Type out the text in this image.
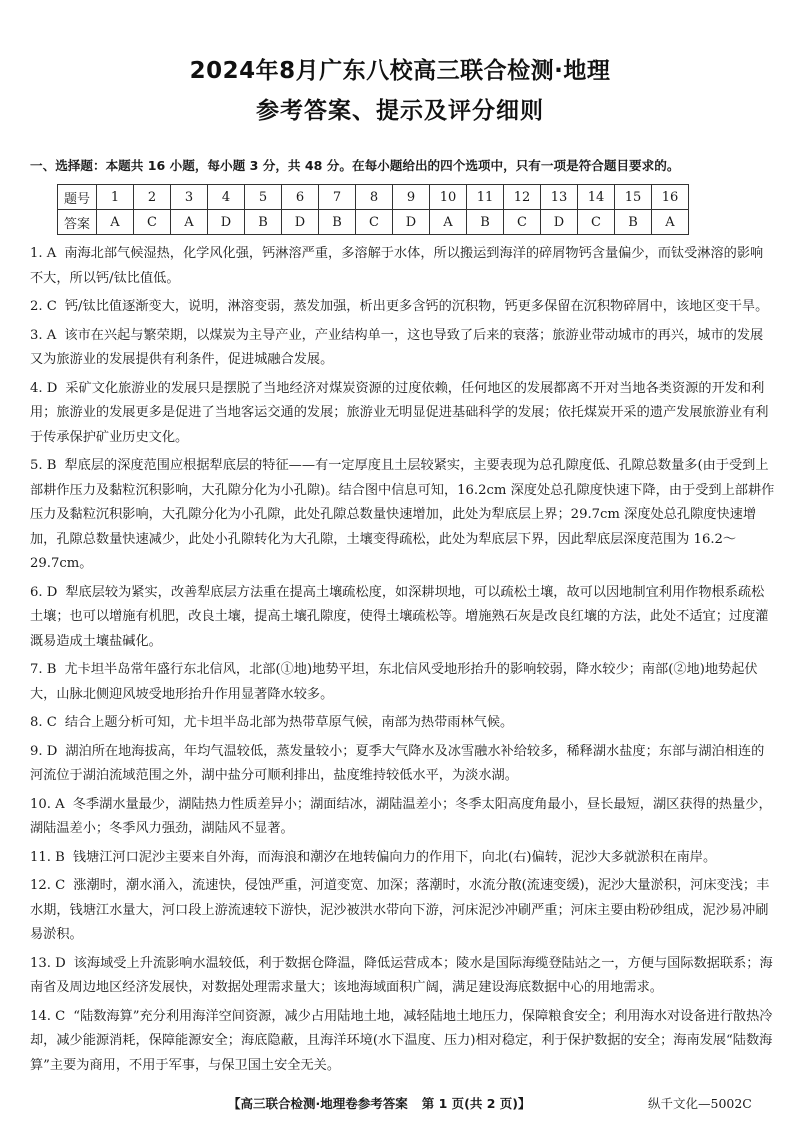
2024年8月广东八校高三联合检测·地理
参考答案、提示及评分细则
一、选择题：本题共 16 小题，每小题 3 分，共 48 分。在每小题给出的四个选项中，只有一项是符合题目要求的。
题号	1	2	3	4	5	6	7	8	9	10	11	12	13	14	15	16
答案	A	C	A	D	B	D	B	C	D	A	B	C	D	C	B	A
1. A 南海北部气候湿热，化学风化强，钙淋溶严重，多溶解于水体，所以搬运到海洋的碎屑物钙含量偏少，而钛受淋溶的影响不大，所以钙/钛比值低。
2. C 钙/钛比值逐渐变大，说明，淋溶变弱，蒸发加强，析出更多含钙的沉积物，钙更多保留在沉积物碎屑中，该地区变干旱。
3. A 该市在兴起与繁荣期，以煤炭为主导产业，产业结构单一，这也导致了后来的衰落；旅游业带动城市的再兴，城市的发展又为旅游业的发展提供有利条件，促进城融合发展。
4. D 采矿文化旅游业的发展只是摆脱了当地经济对煤炭资源的过度依赖，任何地区的发展都离不开对当地各类资源的开发和利用；旅游业的发展更多是促进了当地客运交通的发展；旅游业无明显促进基础科学的发展；依托煤炭开采的遗产发展旅游业有利于传承保护矿业历史文化。
5. B 犁底层的深度范围应根据犁底层的特征——有一定厚度且土层较紧实，主要表现为总孔隙度低、孔隙总数量多(由于受到上部耕作压力及黏粒沉积影响，大孔隙分化为小孔隙)。结合图中信息可知，16.2cm 深度处总孔隙度快速下降，由于受到上部耕作压力及黏粒沉积影响，大孔隙分化为小孔隙，此处孔隙总数量快速增加，此处为犁底层上界；29.7cm 深度处总孔隙度快速增加，孔隙总数量快速减少，此处小孔隙转化为大孔隙，土壤变得疏松，此处为犁底层下界，因此犁底层深度范围为 16.2～29.7cm。
6. D 犁底层较为紧实，改善犁底层方法重在提高土壤疏松度，如深耕坝地，可以疏松土壤，故可以因地制宜利用作物根系疏松土壤；也可以增施有机肥，改良土壤，提高土壤孔隙度，使得土壤疏松等。增施熟石灰是改良红壤的方法，此处不适宜；过度灌溉易造成土壤盐碱化。
7. B 尤卡坦半岛常年盛行东北信风，北部(①地)地势平坦，东北信风受地形抬升的影响较弱，降水较少；南部(②地)地势起伏大，山脉北侧迎风坡受地形抬升作用显著降水较多。
8. C 结合上题分析可知，尤卡坦半岛北部为热带草原气候，南部为热带雨林气候。
9. D 湖泊所在地海拔高，年均气温较低，蒸发量较小；夏季大气降水及冰雪融水补给较多，稀释湖水盐度；东部与湖泊相连的河流位于湖泊流域范围之外，湖中盐分可顺利排出，盐度维持较低水平，为淡水湖。
10. A 冬季湖水量最少，湖陆热力性质差异小；湖面结冰，湖陆温差小；冬季太阳高度角最小，昼长最短，湖区获得的热量少，湖陆温差小；冬季风力强劲，湖陆风不显著。
11. B 钱塘江河口泥沙主要来自外海，而海浪和潮汐在地转偏向力的作用下，向北(右)偏转，泥沙大多就淤积在南岸。
12. C 涨潮时，潮水涌入，流速快，侵蚀严重，河道变宽、加深；落潮时，水流分散(流速变缓)，泥沙大量淤积，河床变浅；丰水期，钱塘江水量大，河口段上游流速较下游快，泥沙被洪水带向下游，河床泥沙冲刷严重；河床主要由粉砂组成，泥沙易冲刷易淤积。
13. D 该海域受上升流影响水温较低，利于数据仓降温，降低运营成本；陵水是国际海缆登陆站之一，方便与国际数据联系；海南省及周边地区经济发展快，对数据处理需求量大；该地海域面积广阔，满足建设海底数据中心的用地需求。
14. C “陆数海算”充分利用海洋空间资源，减少占用陆地土地，减轻陆地土地压力，保障粮食安全；利用海水对设备进行散热冷却，减少能源消耗，保障能源安全；海底隐蔽，且海洋环境(水下温度、压力)相对稳定，利于保护数据的安全；海南发展“陆数海算”主要为商用，不用于军事，与保卫国土安全无关。
【高三联合检测·地理卷参考答案 第 1 页(共 2 页)】	纵千文化—5002C
